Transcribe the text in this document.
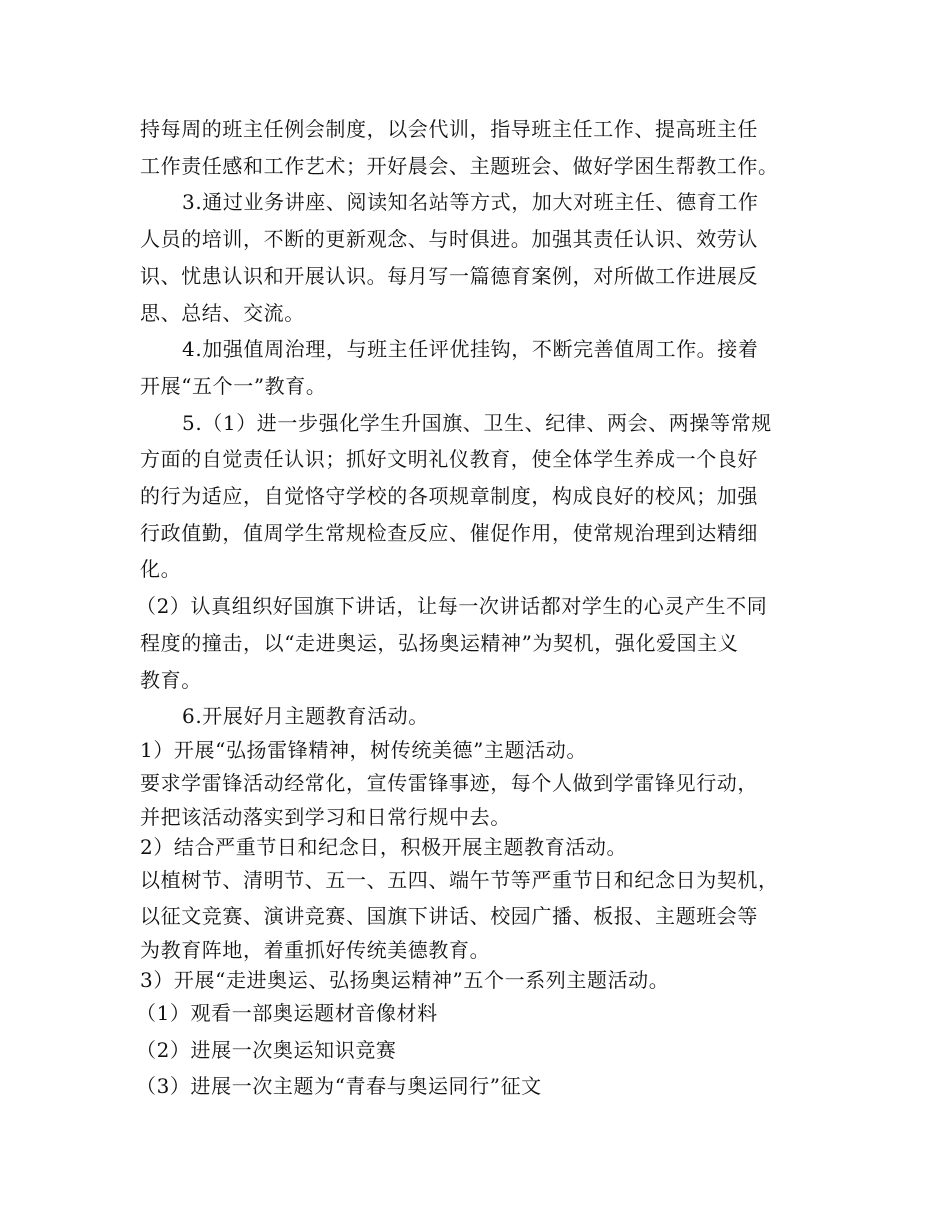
持每周的班主任例会制度，以会代训，指导班主任工作、提高班主任
工作责任感和工作艺术；开好晨会、主题班会、做好学困生帮教工作。
3.通过业务讲座、阅读知名站等方式，加大对班主任、德育工作
人员的培训，不断的更新观念、与时俱进。加强其责任认识、效劳认
识、忧患认识和开展认识。每月写一篇德育案例，对所做工作进展反
思、总结、交流。
4.加强值周治理，与班主任评优挂钩，不断完善值周工作。接着
开展“五个一”教育。
5.（1）进一步强化学生升国旗、卫生、纪律、两会、两操等常规
方面的自觉责任认识；抓好文明礼仪教育，使全体学生养成一个良好
的行为适应，自觉恪守学校的各项规章制度，构成良好的校风；加强
行政值勤，值周学生常规检查反应、催促作用，使常规治理到达精细
化。
（2）认真组织好国旗下讲话，让每一次讲话都对学生的心灵产生不同
程度的撞击，以“走进奥运，弘扬奥运精神”为契机，强化爱国主义
教育。
6.开展好月主题教育活动。
1）开展“弘扬雷锋精神，树传统美德”主题活动。
要求学雷锋活动经常化，宣传雷锋事迹，每个人做到学雷锋见行动，
并把该活动落实到学习和日常行规中去。
2）结合严重节日和纪念日，积极开展主题教育活动。
以植树节、清明节、五一、五四、端午节等严重节日和纪念日为契机，
以征文竞赛、演讲竞赛、国旗下讲话、校园广播、板报、主题班会等
为教育阵地，着重抓好传统美德教育。
3）开展“走进奥运、弘扬奥运精神”五个一系列主题活动。
（1）观看一部奥运题材音像材料
（2）进展一次奥运知识竞赛
（3）进展一次主题为“青春与奥运同行”征文
